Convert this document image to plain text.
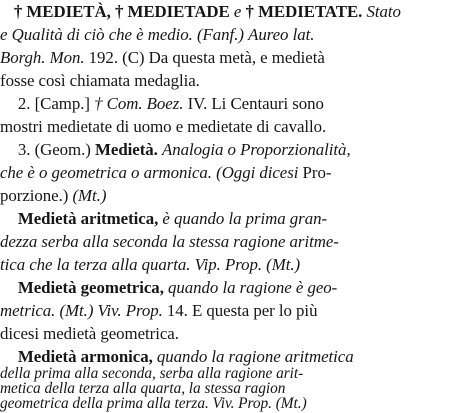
† MEDIETÀ, † MEDIETADE e † MEDIETATE. Stato
e Qualità di ciò che è medio. (Fanf.) Aureo lat.
Borgh. Mon. 192. (C) Da questa metà, e medietà
fosse così chiamata medaglia.
2. [Camp.] † Com. Boez. IV. Li Centauri sono
mostri medietate di uomo e medietate di cavallo.
3. (Geom.) Medietà. Analogia o Proporzionalità,
che è o geometrica o armonica. (Oggi dicesi Pro-
porzione.) (Mt.)
Medietà aritmetica, è quando la prima gran-
dezza serba alla seconda la stessa ragione aritme-
tica che la terza alla quarta. Vip. Prop. (Mt.)
Medietà geometrica, quando la ragione è geo-
metrica. (Mt.) Viv. Prop. 14. E questa per lo più
dicesi medietà geometrica.
Medietà armonica, quando la ragione aritmetica
della prima alla seconda, serba alla ragione arit-
metica della terza alla quarta, la stessa ragion
geometrica della prima alla terza. Viv. Prop. (Mt.)
